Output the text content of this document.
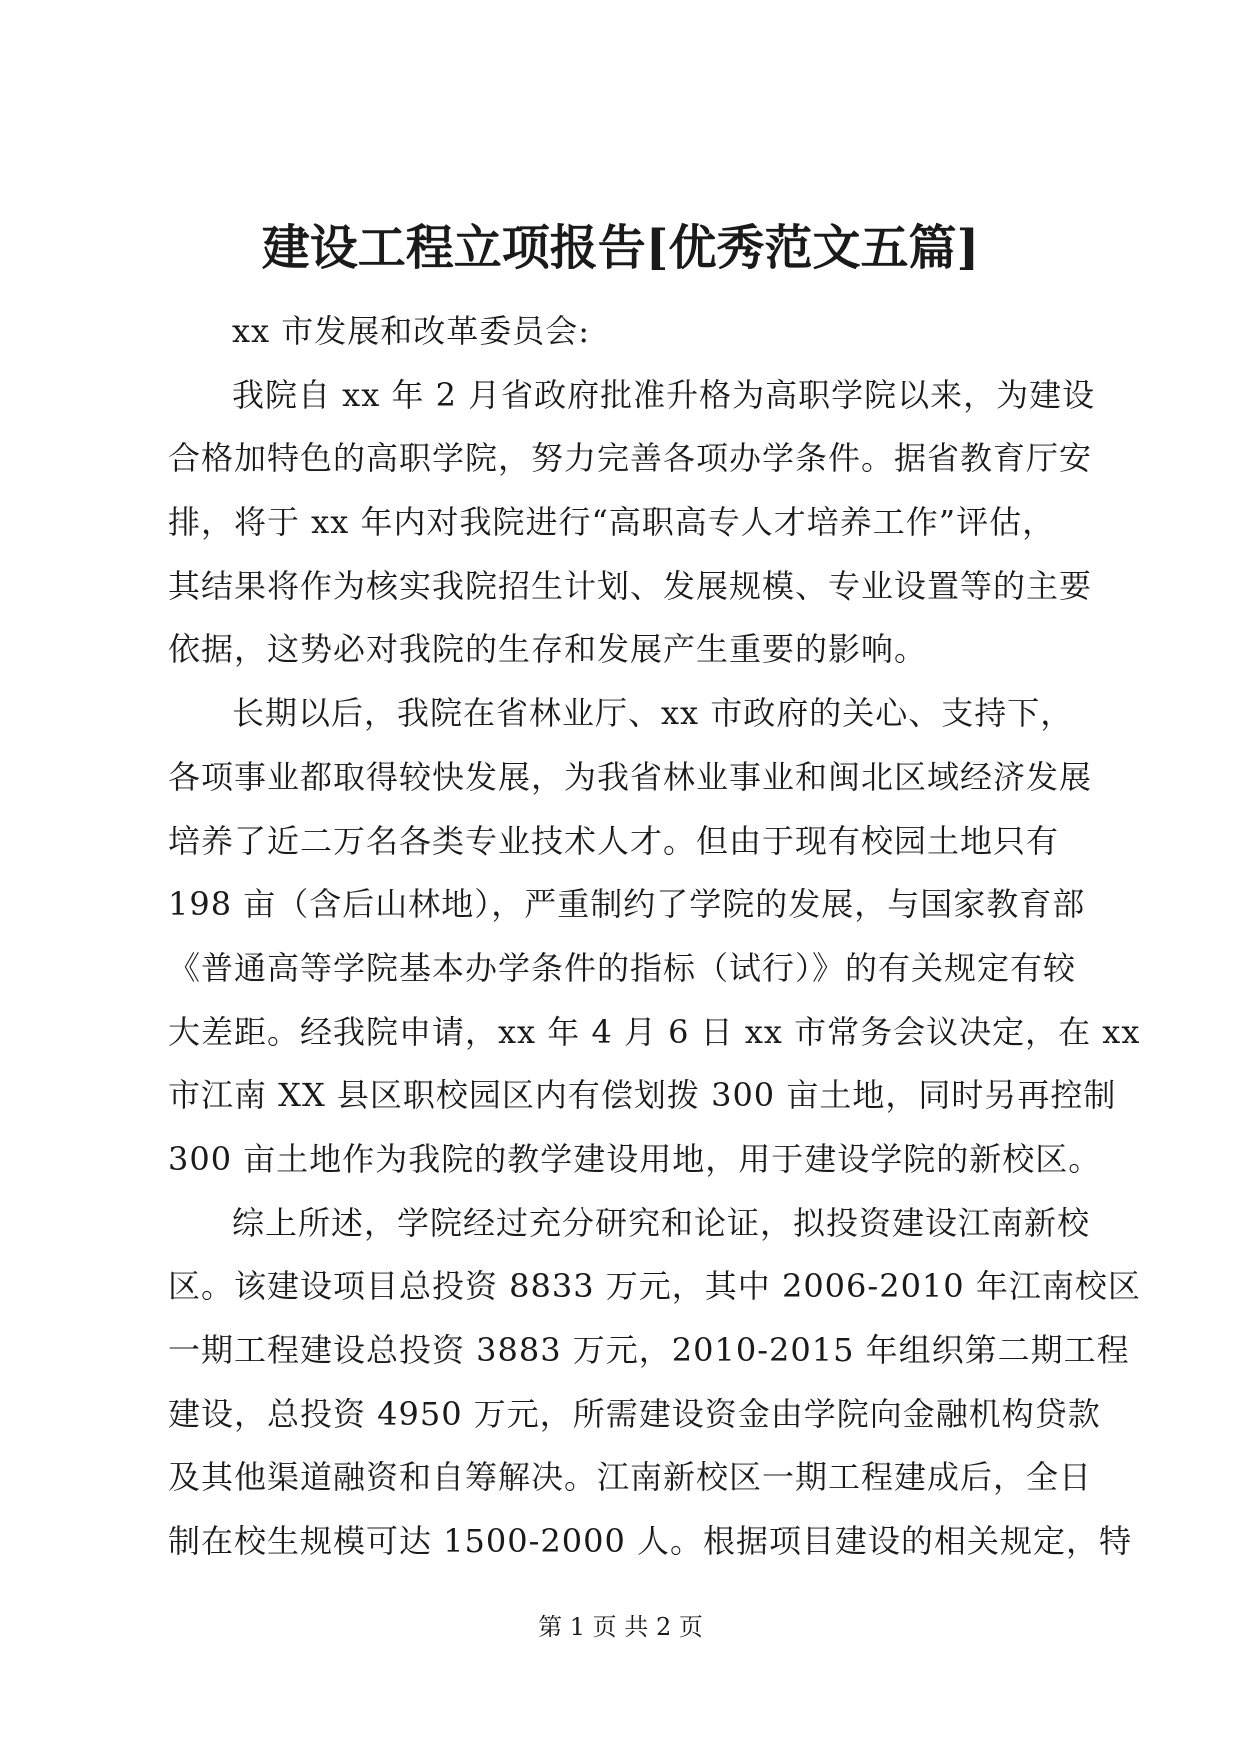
建设工程立项报告[优秀范文五篇]
xx 市发展和改革委员会:
我院自 xx 年 2 月省政府批准升格为高职学院以来，为建设
合格加特色的高职学院，努力完善各项办学条件。据省教育厅安
排，将于 xx 年内对我院进行“高职高专人才培养工作”评估，
其结果将作为核实我院招生计划、发展规模、专业设置等的主要
依据，这势必对我院的生存和发展产生重要的影响。
长期以后，我院在省林业厅、xx 市政府的关心、支持下，
各项事业都取得较快发展，为我省林业事业和闽北区域经济发展
培养了近二万名各类专业技术人才。但由于现有校园土地只有
198 亩（含后山林地），严重制约了学院的发展，与国家教育部
《普通高等学院基本办学条件的指标（试行）》的有关规定有较
大差距。经我院申请，xx 年 4 月 6 日 xx 市常务会议决定，在 xx
市江南 XX 县区职校园区内有偿划拨 300 亩土地，同时另再控制
300 亩土地作为我院的教学建设用地，用于建设学院的新校区。
综上所述，学院经过充分研究和论证，拟投资建设江南新校
区。该建设项目总投资 8833 万元，其中 2006-2010 年江南校区
一期工程建设总投资 3883 万元，2010-2015 年组织第二期工程
建设，总投资 4950 万元，所需建设资金由学院向金融机构贷款
及其他渠道融资和自筹解决。江南新校区一期工程建成后，全日
制在校生规模可达 1500-2000 人。根据项目建设的相关规定，特
第 1 页 共 2 页
